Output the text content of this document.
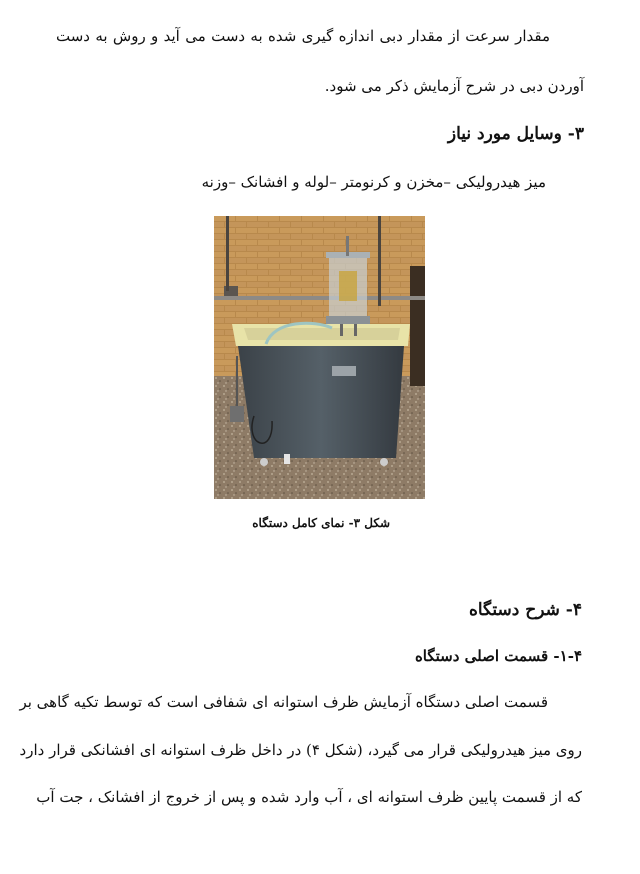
مقدار سرعت از مقدار دبی اندازه گیری شده به دست می آید و روش به دست
آوردن دبی در شرح آزمایش ذکر می شود.
۳- وسایل مورد نیاز
میز هیدرولیکی –مخزن و کرنومتر –لوله و افشانک –وزنه
شکل ۳- نمای کامل دستگاه
۴- شرح دستگاه
۱-۴- قسمت اصلی دستگاه
قسمت اصلی دستگاه آزمایش ظرف استوانه ای شفافی است که توسط تکیه گاهی بر
روی میز هیدرولیکی قرار می گیرد، (شکل ۴) در داخل ظرف استوانه ای افشانکی قرار دارد
که از قسمت پایین ظرف استوانه ای ، آب وارد شده و پس از خروج از افشانک ، جت آب
